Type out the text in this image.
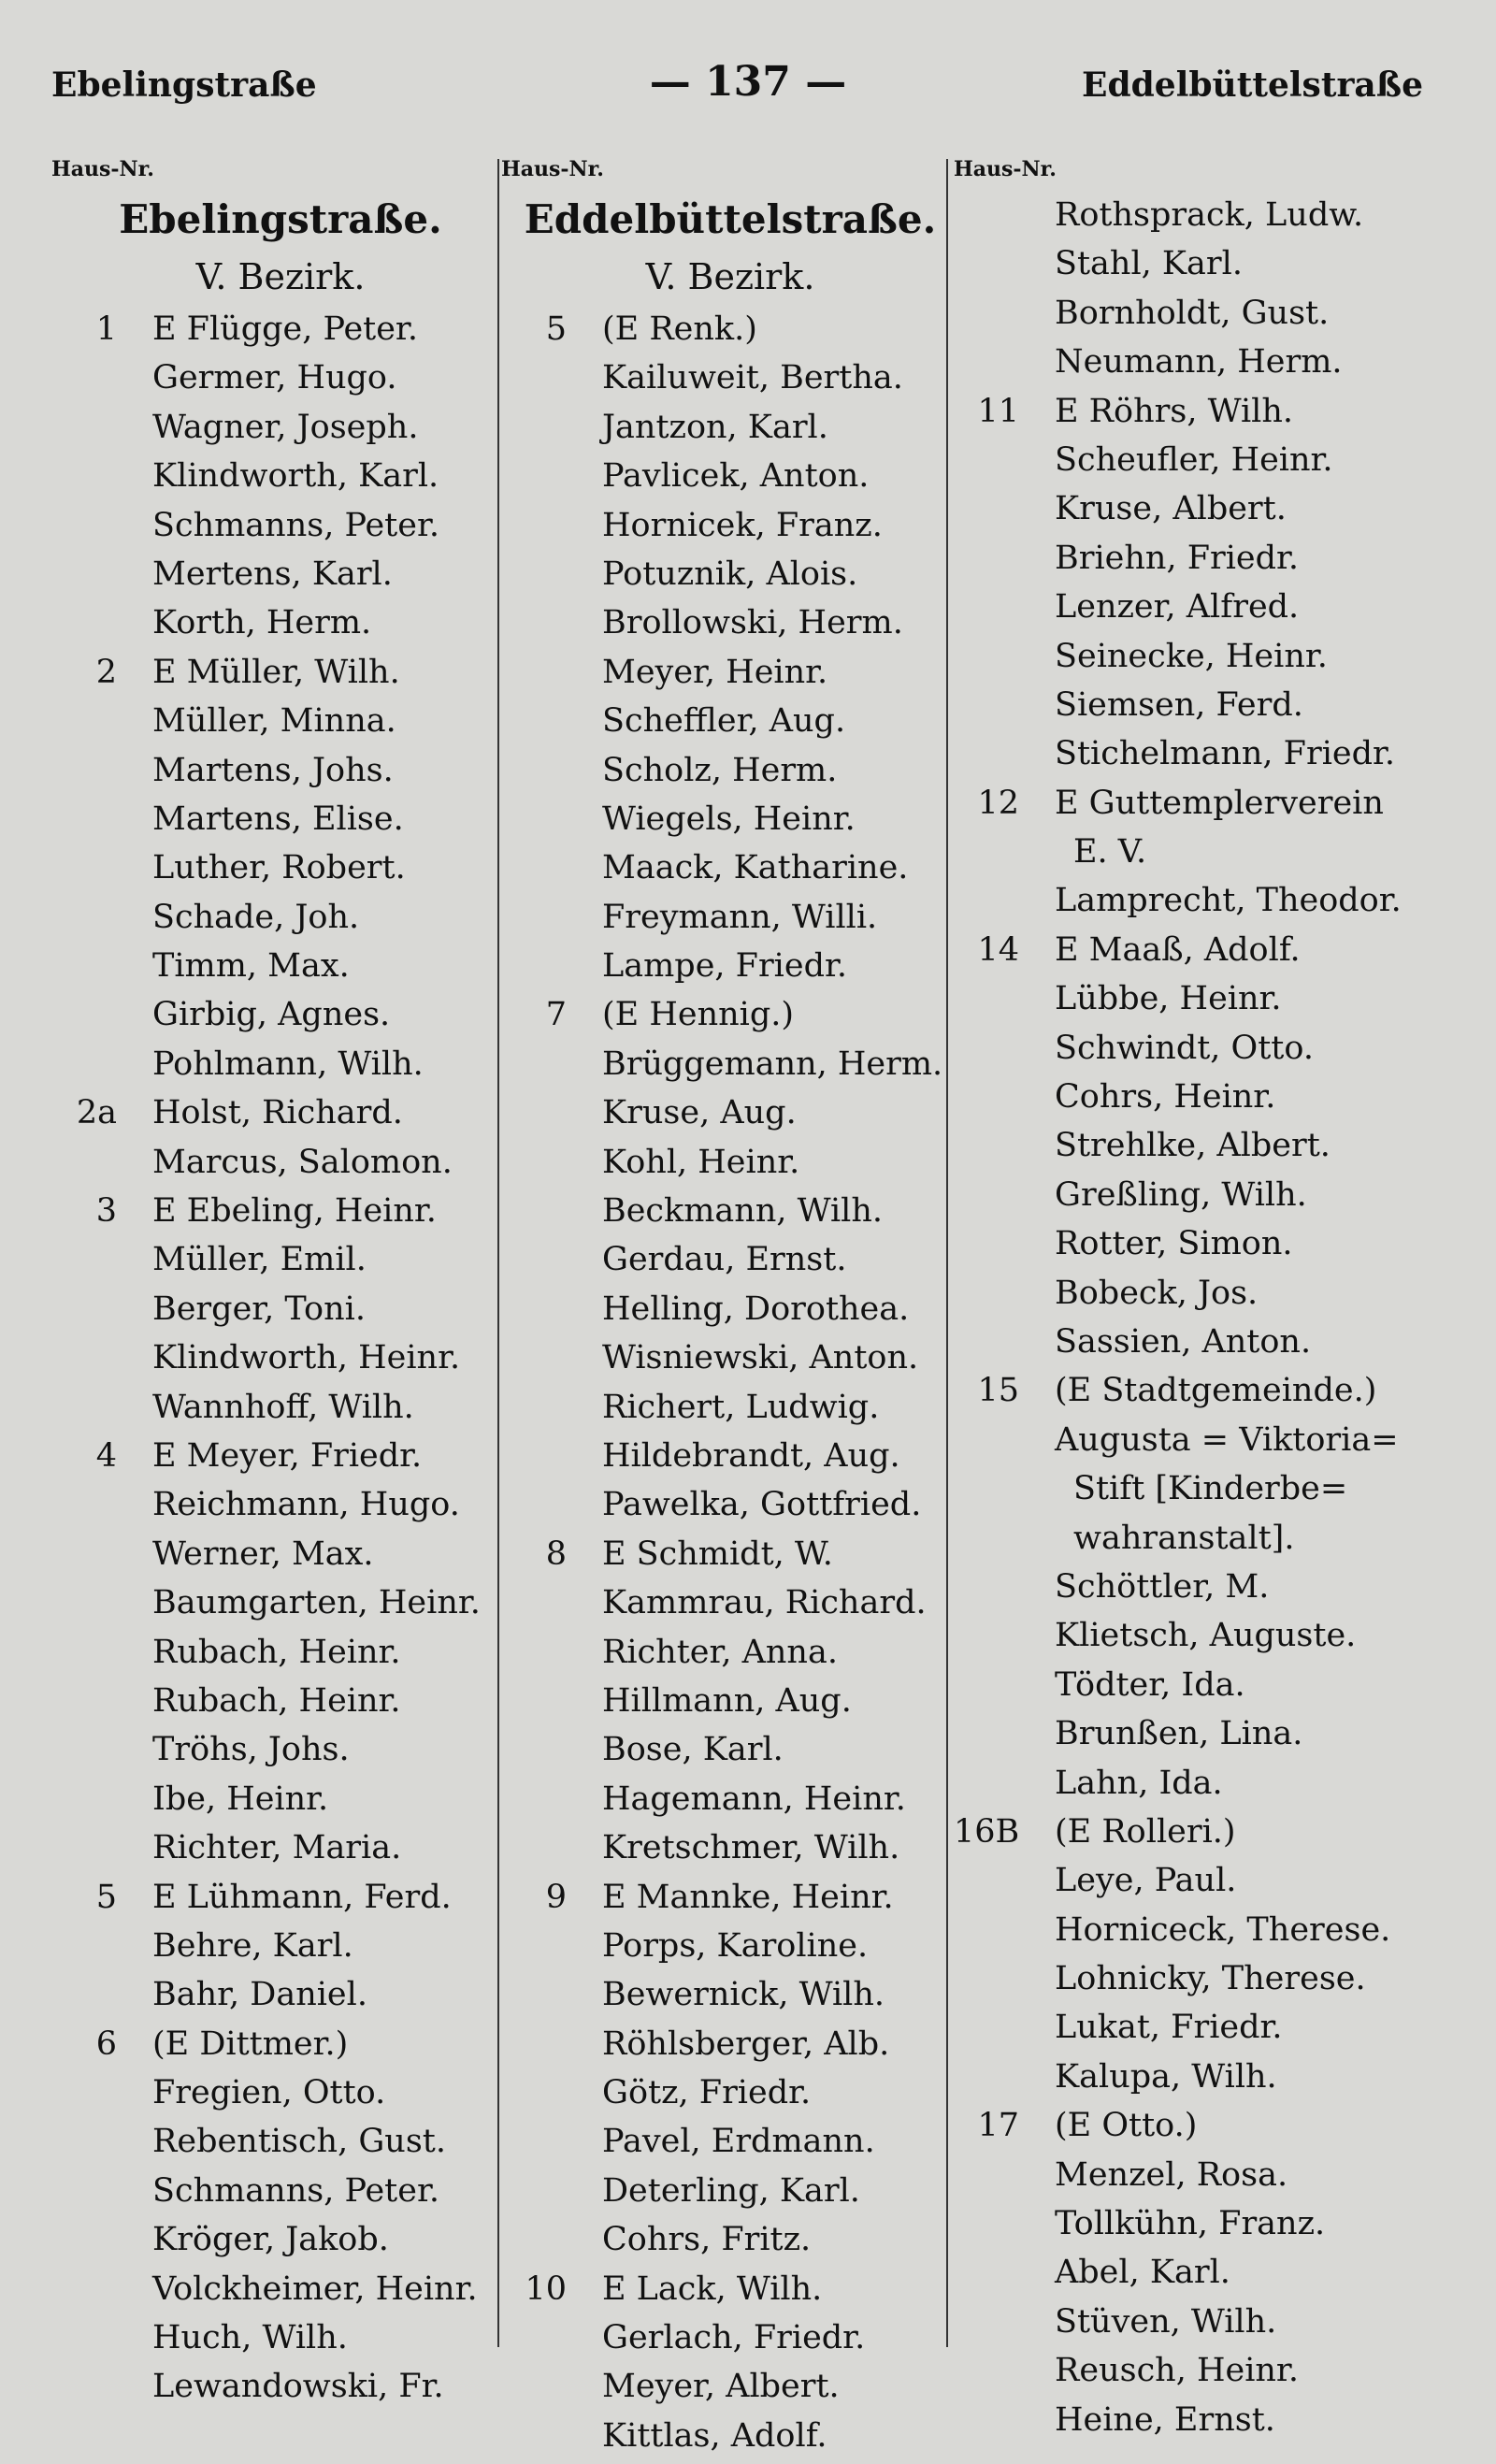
Ebelingstraße	— 137 —	Eddelbüttelstraße
Haus-Nr.
Ebelingstraße.
V. Bezirk.
1 E Flügge, Peter.
Germer, Hugo.
Wagner, Joseph.
Klindworth, Karl.
Schmanns, Peter.
Mertens, Karl.
Korth, Herm.
2 E Müller, Wilh.
Müller, Minna.
Martens, Johs.
Martens, Elise.
Luther, Robert.
Schade, Joh.
Timm, Max.
Girbig, Agnes.
Pohlmann, Wilh.
2a Holst, Richard.
Marcus, Salomon.
3 E Ebeling, Heinr.
Müller, Emil.
Berger, Toni.
Klindworth, Heinr.
Wannhoff, Wilh.
4 E Meyer, Friedr.
Reichmann, Hugo.
Werner, Max.
Baumgarten, Heinr.
Rubach, Heinr.
Rubach, Heinr.
Tröhs, Johs.
Ibe, Heinr.
Richter, Maria.
5 E Lühmann, Ferd.
Behre, Karl.
Bahr, Daniel.
6 (E Dittmer.)
Fregien, Otto.
Rebentisch, Gust.
Schmanns, Peter.
Kröger, Jakob.
Volckheimer, Heinr.
Huch, Wilh.
Lewandowski, Fr.
Haus-Nr.
Eddelbüttelstraße.
V. Bezirk.
5 (E Renk.)
Kailuweit, Bertha.
Jantzon, Karl.
Pavlicek, Anton.
Hornicek, Franz.
Potuznik, Alois.
Brollowski, Herm.
Meyer, Heinr.
Scheffler, Aug.
Scholz, Herm.
Wiegels, Heinr.
Maack, Katharine.
Freymann, Willi.
Lampe, Friedr.
7 (E Hennig.)
Brüggemann, Herm.
Kruse, Aug.
Kohl, Heinr.
Beckmann, Wilh.
Gerdau, Ernst.
Helling, Dorothea.
Wisniewski, Anton.
Richert, Ludwig.
Hildebrandt, Aug.
Pawelka, Gottfried.
8 E Schmidt, W.
Kammrau, Richard.
Richter, Anna.
Hillmann, Aug.
Bose, Karl.
Hagemann, Heinr.
Kretschmer, Wilh.
9 E Mannke, Heinr.
Porps, Karoline.
Bewernick, Wilh.
Röhlsberger, Alb.
Götz, Friedr.
Pavel, Erdmann.
Deterling, Karl.
Cohrs, Fritz.
10 E Lack, Wilh.
Gerlach, Friedr.
Meyer, Albert.
Kittlas, Adolf.
Haus-Nr.
Rothsprack, Ludw.
Stahl, Karl.
Bornholdt, Gust.
Neumann, Herm.
11 E Röhrs, Wilh.
Scheufler, Heinr.
Kruse, Albert.
Briehn, Friedr.
Lenzer, Alfred.
Seinecke, Heinr.
Siemsen, Ferd.
Stichelmann, Friedr.
12 E Guttemplerverein
E. V.
Lamprecht, Theodor.
14 E Maaß, Adolf.
Lübbe, Heinr.
Schwindt, Otto.
Cohrs, Heinr.
Strehlke, Albert.
Greßling, Wilh.
Rotter, Simon.
Bobeck, Jos.
Sassien, Anton.
15 (E Stadtgemeinde.)
Augusta = Viktoria=
Stift [Kinderbe=
wahranstalt].
Schöttler, M.
Klietsch, Auguste.
Tödter, Ida.
Brunßen, Lina.
Lahn, Ida.
16B (E Rolleri.)
Leye, Paul.
Horniceck, Therese.
Lohnicky, Therese.
Lukat, Friedr.
Kalupa, Wilh.
17 (E Otto.)
Menzel, Rosa.
Tollkühn, Franz.
Abel, Karl.
Stüven, Wilh.
Reusch, Heinr.
Heine, Ernst.
